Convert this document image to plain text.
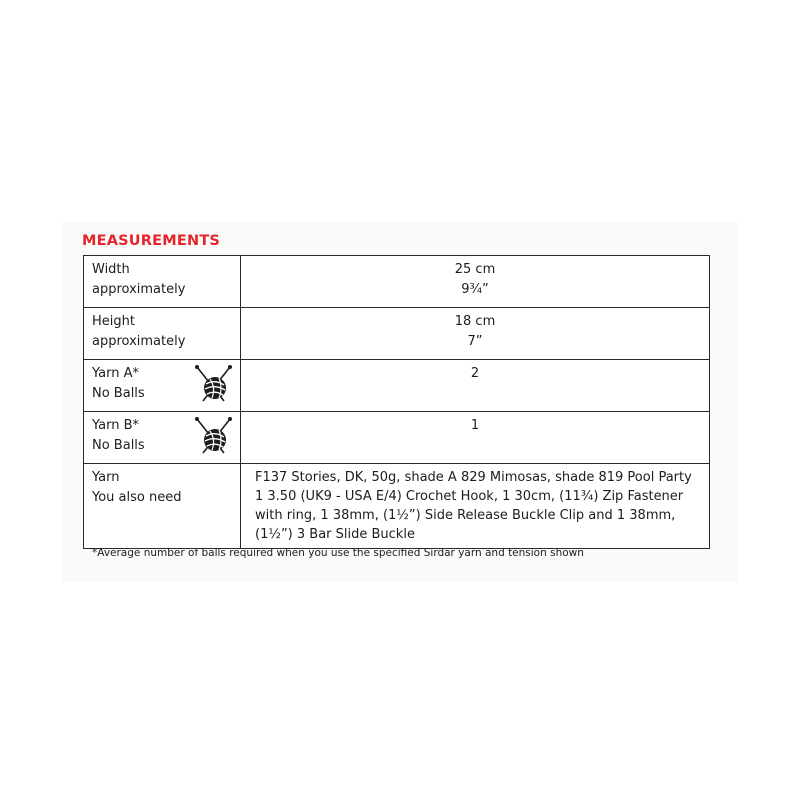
MEASUREMENTS
Width
approximately	25 cm
9¾”

Height
approximately	18 cm
7”

Yarn A*
No Balls	2

Yarn B*
No Balls	1

Yarn
You also need	F137 Stories, DK, 50g, shade A 829 Mimosas, shade 819 Pool Party
1 3.50 (UK9 - USA E/4) Crochet Hook, 1 30cm, (11¾) Zip Fastener
with ring, 1 38mm, (1½”) Side Release Buckle Clip and 1 38mm,
(1½”) 3 Bar Slide Buckle

*Average number of balls required when you use the specified Sirdar yarn and tension shown
